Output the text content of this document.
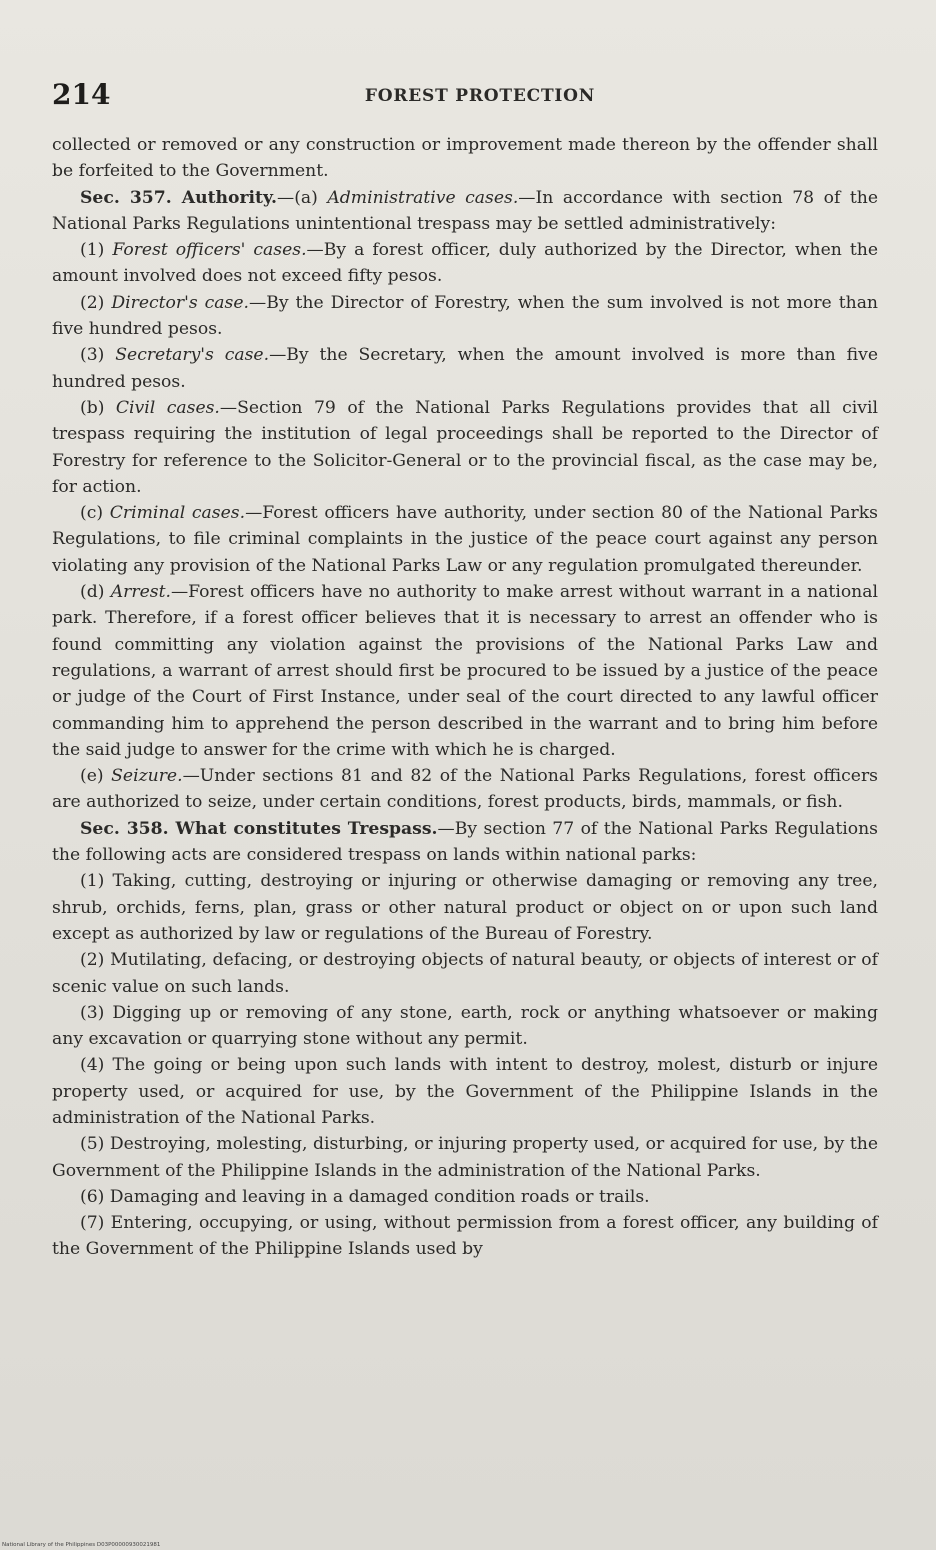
214	FOREST PROTECTION

collected or removed or any construction or improvement made thereon by the offender shall be forfeited to the Government.

Sec. 357. Authority.—(a) Administrative cases.—In accordance with section 78 of the National Parks Regulations unintentional trespass may be settled administratively:

(1) Forest officers' cases.—By a forest officer, duly authorized by the Director, when the amount involved does not exceed fifty pesos.

(2) Director's case.—By the Director of Forestry, when the sum involved is not more than five hundred pesos.

(3) Secretary's case.—By the Secretary, when the amount involved is more than five hundred pesos.

(b) Civil cases.—Section 79 of the National Parks Regulations provides that all civil trespass requiring the institution of legal proceedings shall be reported to the Director of Forestry for reference to the Solicitor-General or to the provincial fiscal, as the case may be, for action.

(c) Criminal cases.—Forest officers have authority, under section 80 of the National Parks Regulations, to file criminal complaints in the justice of the peace court against any person violating any provision of the National Parks Law or any regulation promulgated thereunder.

(d) Arrest.—Forest officers have no authority to make arrest without warrant in a national park. Therefore, if a forest officer believes that it is necessary to arrest an offender who is found committing any violation against the provisions of the National Parks Law and regulations, a warrant of arrest should first be procured to be issued by a justice of the peace or judge of the Court of First Instance, under seal of the court directed to any lawful officer commanding him to apprehend the person described in the warrant and to bring him before the said judge to answer for the crime with which he is charged.

(e) Seizure.—Under sections 81 and 82 of the National Parks Regulations, forest officers are authorized to seize, under certain conditions, forest products, birds, mammals, or fish.

Sec. 358. What constitutes Trespass.—By section 77 of the National Parks Regulations the following acts are considered trespass on lands within national parks:

(1) Taking, cutting, destroying or injuring or otherwise damaging or removing any tree, shrub, orchids, ferns, plan, grass or other natural product or object on or upon such land except as authorized by law or regulations of the Bureau of Forestry.

(2) Mutilating, defacing, or destroying objects of natural beauty, or objects of interest or of scenic value on such lands.

(3) Digging up or removing of any stone, earth, rock or anything whatsoever or making any excavation or quarrying stone without any permit.

(4) The going or being upon such lands with intent to destroy, molest, disturb or injure property used, or acquired for use, by the Government of the Philippine Islands in the administration of the National Parks.

(5) Destroying, molesting, disturbing, or injuring property used, or acquired for use, by the Government of the Philippine Islands in the administration of the National Parks.

(6) Damaging and leaving in a damaged condition roads or trails.

(7) Entering, occupying, or using, without permission from a forest officer, any building of the Government of the Philippine Islands used by

National Library of the Philippines D03P00000930021981
